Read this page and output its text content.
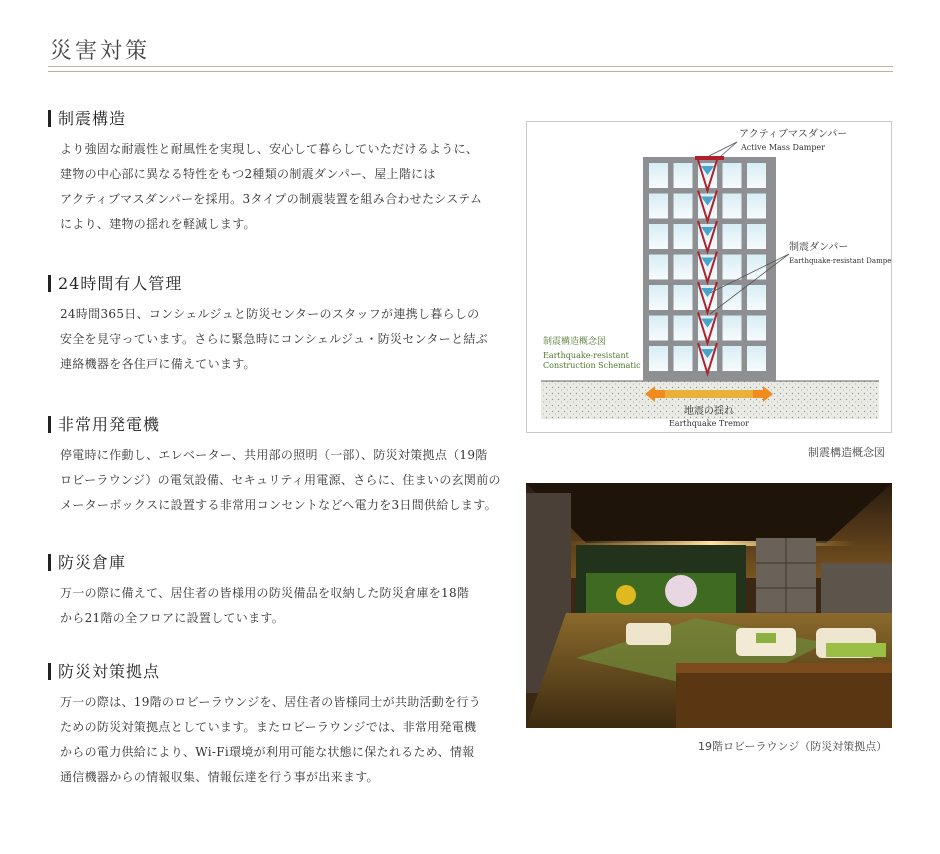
災害対策
制震構造

より強固な耐震性と耐風性を実現し、安心して暮らしていただけるように、
建物の中心部に異なる特性をもつ2種類の制震ダンパー、屋上階には
アクティブマスダンパーを採用。3タイプの制震装置を組み合わせたシステム
により、建物の揺れを軽減します。

24時間有人管理

24時間365日、コンシェルジュと防災センターのスタッフが連携し暮らしの
安全を見守っています。さらに緊急時にコンシェルジュ・防災センターと結ぶ
連絡機器を各住戸に備えています。

非常用発電機

停電時に作動し、エレベーター、共用部の照明（一部）、防災対策拠点（19階
ロビーラウンジ）の電気設備、セキュリティ用電源、さらに、住まいの玄関前の
メーターボックスに設置する非常用コンセントなどへ電力を3日間供給します。

防災倉庫

万一の際に備えて、居住者の皆様用の防災備品を収納した防災倉庫を18階
から21階の全フロアに設置しています。

防災対策拠点

万一の際は、19階のロビーラウンジを、居住者の皆様同士が共助活動を行う
ための防災対策拠点としています。またロビーラウンジでは、非常用発電機
からの電力供給により、Wi-Fi環境が利用可能な状態に保たれるため、情報
通信機器からの情報収集、情報伝達を行う事が出来ます。

アクティブマスダンパー
Active Mass Damper
制震ダンパー
Earthquake-resistant Damper
制震構造概念図
Earthquake-resistant
Construction Schematic
地震の揺れ
Earthquake Tremor
制震構造概念図
19階ロビーラウンジ（防災対策拠点）
